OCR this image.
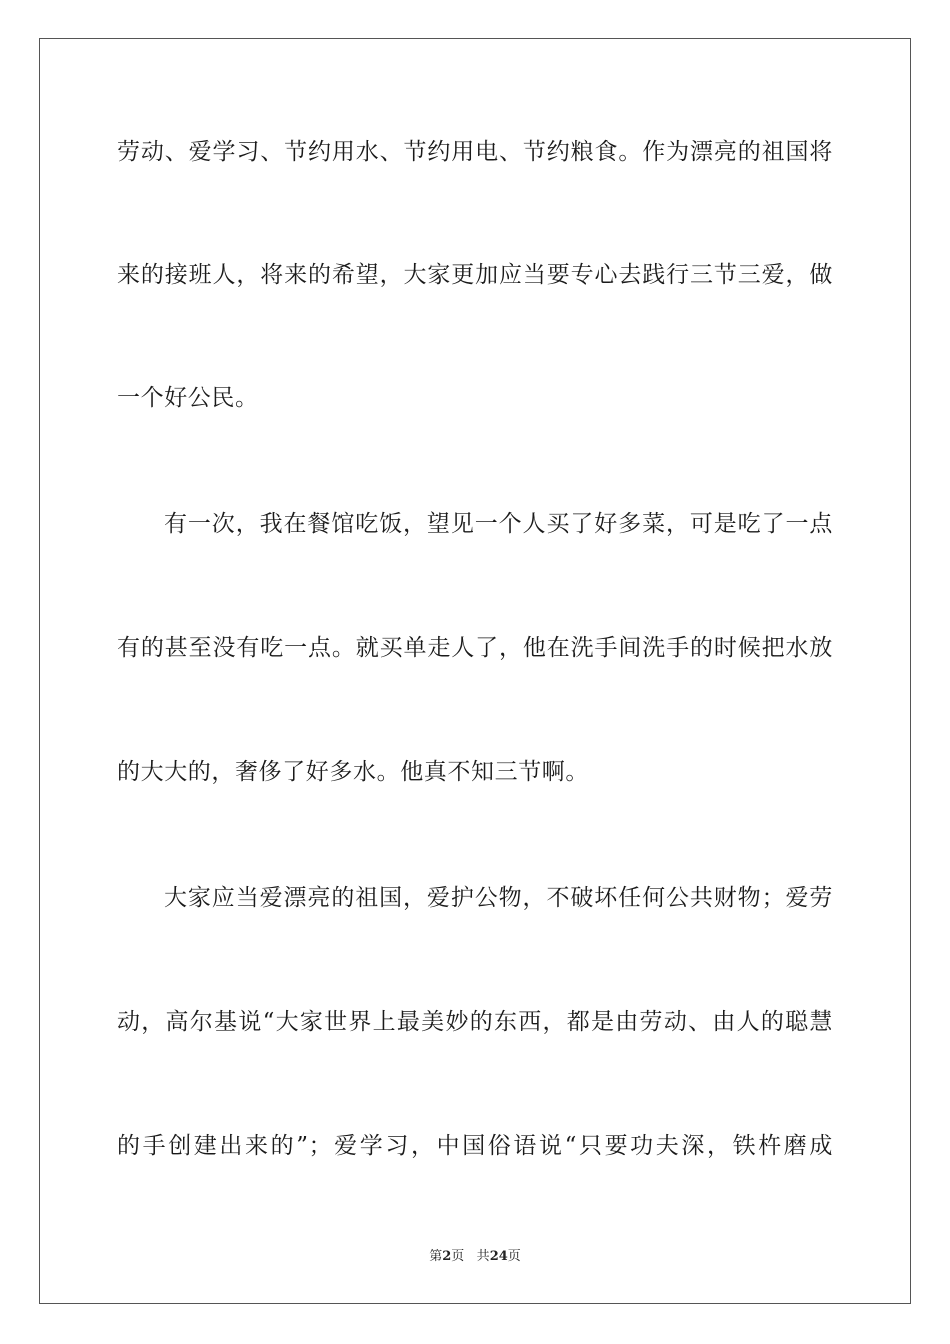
劳动、爱学习、节约用水、节约用电、节约粮食。作为漂亮的祖国将
来的接班人，将来的希望，大家更加应当要专心去践行三节三爱，做
一个好公民。
有一次，我在餐馆吃饭，望见一个人买了好多菜，可是吃了一点
有的甚至没有吃一点。就买单走人了，他在洗手间洗手的时候把水放
的大大的，奢侈了好多水。他真不知三节啊。
大家应当爱漂亮的祖国，爱护公物，不破坏任何公共财物；爱劳
动，高尔基说“大家世界上最美妙的东西，都是由劳动、由人的聪慧
的手创建出来的”；爱学习，中国俗语说“只要功夫深，铁杵磨成
第2页 共24页
